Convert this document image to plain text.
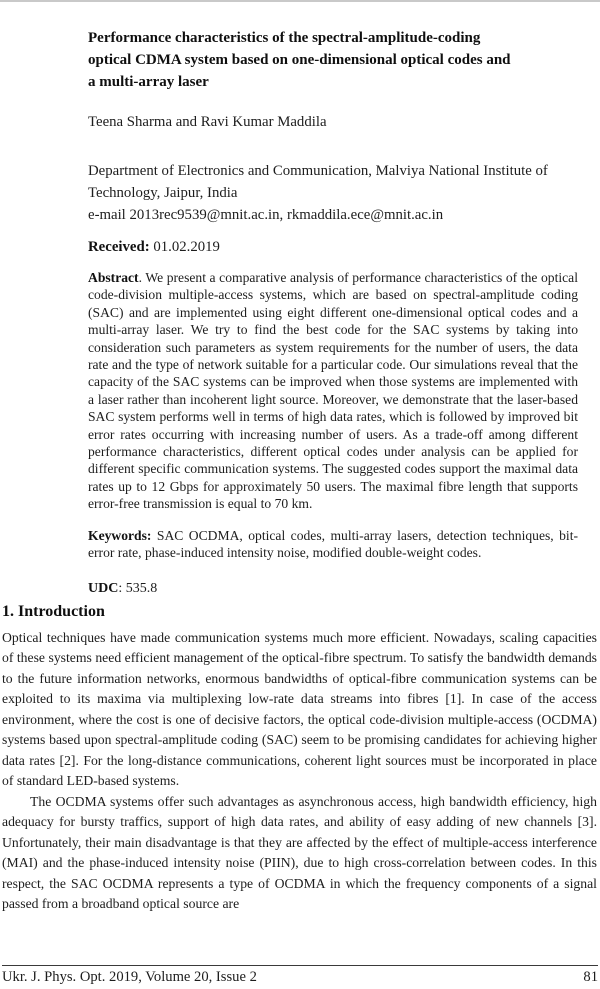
Performance characteristics of the spectral-amplitude-coding
optical CDMA system based on one-dimensional optical codes and
a multi-array laser

Teena Sharma and Ravi Kumar Maddila

Department of Electronics and Communication, Malviya National Institute of Technology, Jaipur, India
e-mail 2013rec9539@mnit.ac.in, rkmaddila.ece@mnit.ac.in

Received: 01.02.2019

Abstract. We present a comparative analysis of performance characteristics of the optical code-division multiple-access systems, which are based on spectral-amplitude coding (SAC) and are implemented using eight different one-dimensional optical codes and a multi-array laser. We try to find the best code for the SAC systems by taking into consideration such parameters as system requirements for the number of users, the data rate and the type of network suitable for a particular code. Our simulations reveal that the capacity of the SAC systems can be improved when those systems are implemented with a laser rather than incoherent light source. Moreover, we demonstrate that the laser-based SAC system performs well in terms of high data rates, which is followed by improved bit error rates occurring with increasing number of users. As a trade-off among different performance characteristics, different optical codes under analysis can be applied for different specific communication systems. The suggested codes support the maximal data rates up to 12 Gbps for approximately 50 users. The maximal fibre length that supports error-free transmission is equal to 70 km.

Keywords: SAC OCDMA, optical codes, multi-array lasers, detection techniques, bit-error rate, phase-induced intensity noise, modified double-weight codes.

UDC: 535.8

1. Introduction

Optical techniques have made communication systems much more efficient. Nowadays, scaling capacities of these systems need efficient management of the optical-fibre spectrum. To satisfy the bandwidth demands to the future information networks, enormous bandwidths of optical-fibre communication systems can be exploited to its maxima via multiplexing low-rate data streams into fibres [1]. In case of the access environment, where the cost is one of decisive factors, the optical code-division multiple-access (OCDMA) systems based upon spectral-amplitude coding (SAC) seem to be promising candidates for achieving higher data rates [2]. For the long-distance communications, coherent light sources must be incorporated in place of standard LED-based systems.

The OCDMA systems offer such advantages as asynchronous access, high bandwidth efficiency, high adequacy for bursty traffics, support of high data rates, and ability of easy adding of new channels [3]. Unfortunately, their main disadvantage is that they are affected by the effect of multiple-access interference (MAI) and the phase-induced intensity noise (PIIN), due to high cross-correlation between codes. In this respect, the SAC OCDMA represents a type of OCDMA in which the frequency components of a signal passed from a broadband optical source are

Ukr. J. Phys. Opt. 2019, Volume 20, Issue 2	81
